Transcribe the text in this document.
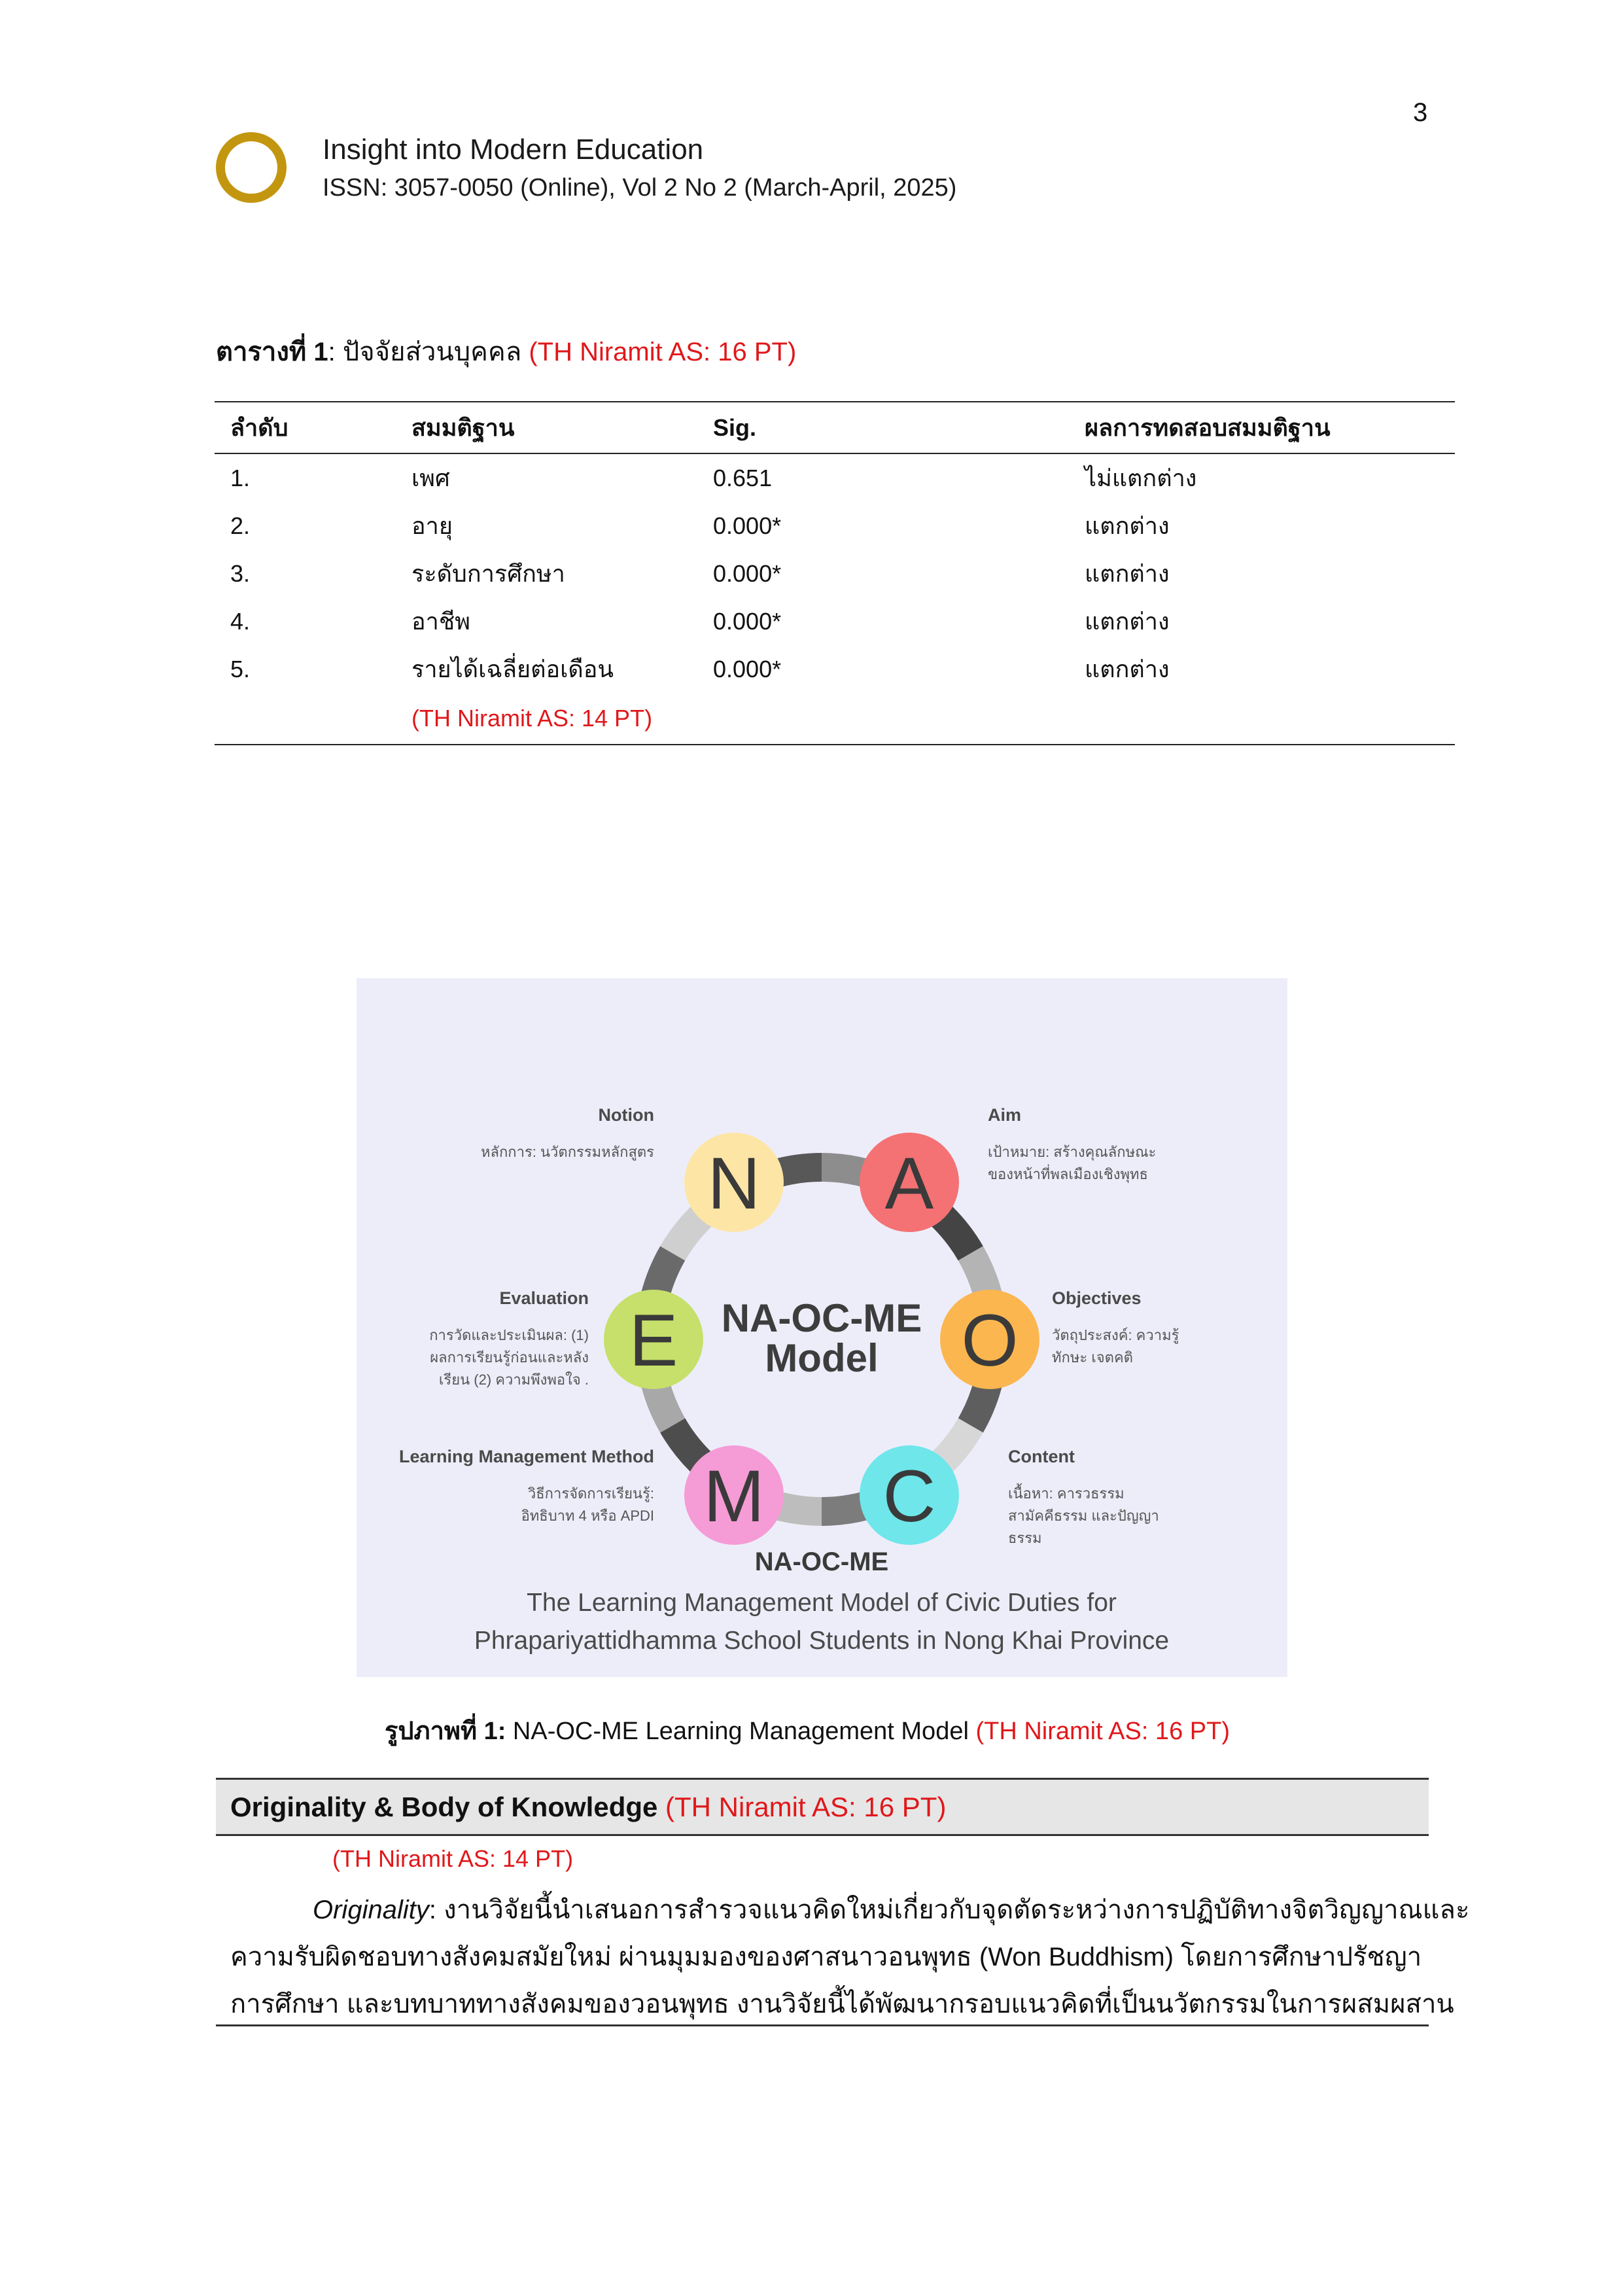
3
Insight into Modern Education
ISSN: 3057-0050 (Online), Vol 2 No 2 (March-April, 2025)
ตารางที่ 1: ปัจจัยส่วนบุคคล (TH Niramit AS: 16 PT)
ลำดับ	สมมติฐาน	Sig.	ผลการทดสอบสมมติฐาน
1.	เพศ	0.651	ไม่แตกต่าง
2.	อายุ	0.000*	แตกต่าง
3.	ระดับการศึกษา	0.000*	แตกต่าง
4.	อาชีพ	0.000*	แตกต่าง
5.	รายได้เฉลี่ยต่อเดือน	0.000*	แตกต่าง
	(TH Niramit AS: 14 PT)		
N A
O
C
M
E NA-OC-ME
Model
Notion
หลักการ: นวัตกรรมหลักสูตร
Aim
เป้าหมาย: สร้างคุณลักษณะ
ของหน้าที่พลเมืองเชิงพุทธ
Objectives
วัตถุประสงค์: ความรู้
ทักษะ เจตคติ
Content
เนื้อหา: คารวธรรม
สามัคคีธรรม และปัญญา
ธรรม
Learning Management Method
วิธีการจัดการเรียนรู้:
อิทธิบาท 4 หรือ APDI
Evaluation
การวัดและประเมินผล: (1)
ผลการเรียนรู้ก่อนและหลัง
เรียน (2) ความพึงพอใจ .
NA-OC-ME
The Learning Management Model of Civic Duties for
Phrapariyattidhamma School Students in Nong Khai Province
รูปภาพที่ 1: NA-OC-ME Learning Management Model (TH Niramit AS: 16 PT)
Originality & Body of Knowledge (TH Niramit AS: 16 PT)
(TH Niramit AS: 14 PT)
Originality: งานวิจัยนี้นำเสนอการสำรวจแนวคิดใหม่เกี่ยวกับจุดตัดระหว่างการปฏิบัติทางจิตวิญญาณและ
ความรับผิดชอบทางสังคมสมัยใหม่ ผ่านมุมมองของศาสนาวอนพุทธ (Won Buddhism) โดยการศึกษาปรัชญา
การศึกษา และบทบาททางสังคมของวอนพุทธ งานวิจัยนี้ได้พัฒนากรอบแนวคิดที่เป็นนวัตกรรมในการผสมผสาน
